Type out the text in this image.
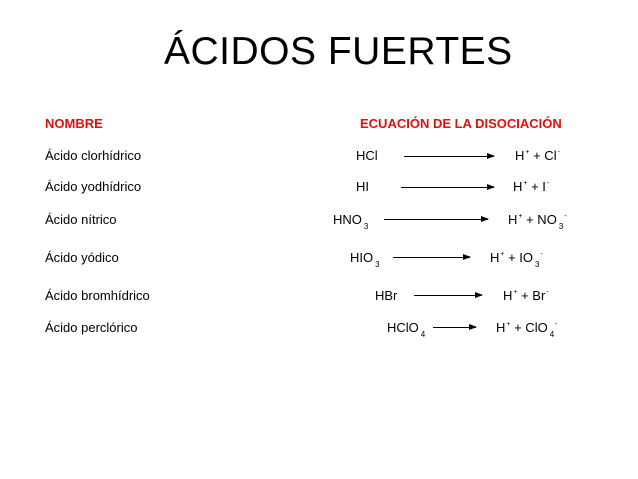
ÁCIDOS FUERTES
NOMBRE	ECUACIÓN DE LA DISOCIACIÓN
Ácido clorhídrico	HCl	H+ + Cl-
Ácido yodhídrico	HI	H+ + I-
Ácido nítrico	HNO $_3$	H+ + NO $_3$-
Ácido yódico	HIO $_3$	H+ + IO $_3$-
Ácido bromhídrico	HBr	H+ + Br-
Ácido perclórico	HClO $_4$	H+ + ClO $_4$-
